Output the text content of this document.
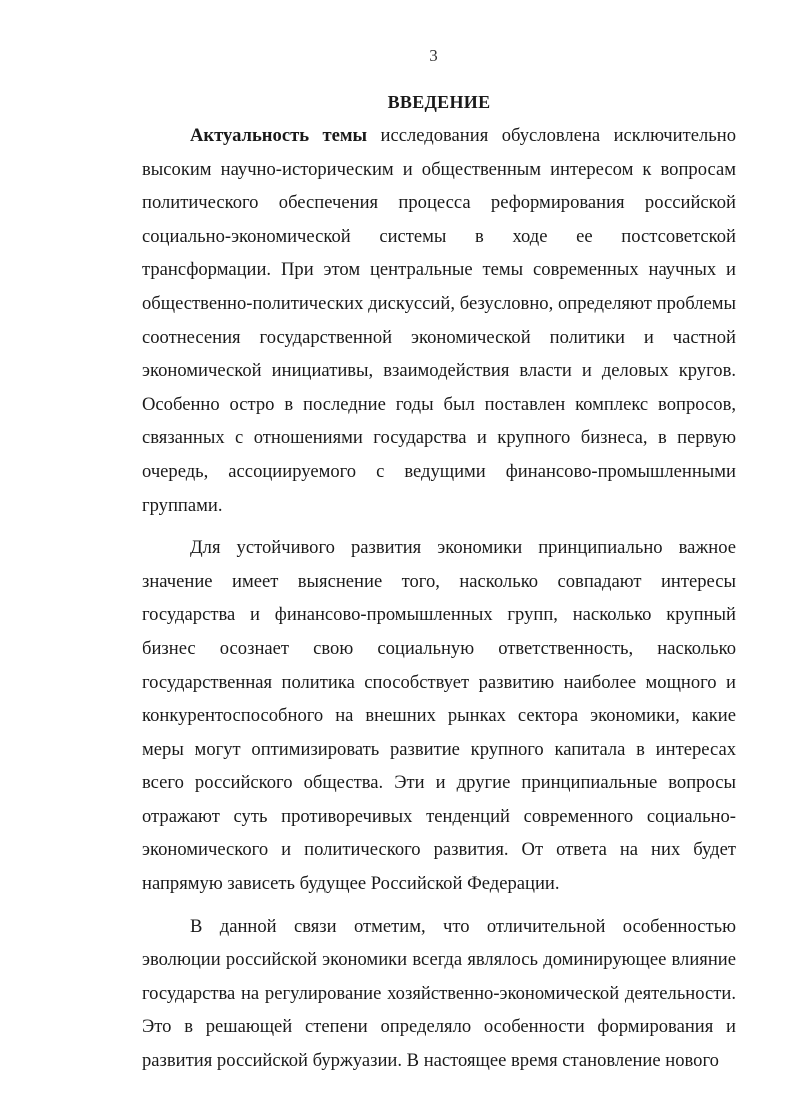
3
ВВЕДЕНИЕ

Актуальность темы исследования обусловлена исключительно высоким научно-историческим и общественным интересом к вопросам политического обеспечения процесса реформирования российской социально-экономической системы в ходе ее постсоветской трансформации. При этом центральные темы современных научных и общественно-политических дискуссий, безусловно, определяют проблемы соотнесения государственной экономической политики и частной экономической инициативы, взаимодействия власти и деловых кругов. Особенно остро в последние годы был поставлен комплекс вопросов, связанных с отношениями государства и крупного бизнеса, в первую очередь, ассоциируемого с ведущими финансово-промышленными группами.

Для устойчивого развития экономики принципиально важное значение имеет выяснение того, насколько совпадают интересы государства и финансово-промышленных групп, насколько крупный бизнес осознает свою социальную ответственность, насколько государственная политика способствует развитию наиболее мощного и конкурентоспособного на внешних рынках сектора экономики, какие меры могут оптимизировать развитие крупного капитала в интересах всего российского общества. Эти и другие принципиальные вопросы отражают суть противоречивых тенденций современного социально-экономического и политического развития. От ответа на них будет напрямую зависеть будущее Российской Федерации.

В данной связи отметим, что отличительной особенностью эволюции российской экономики всегда являлось доминирующее влияние государства на регулирование хозяйственно-экономической деятельности. Это в решающей степени определяло особенности формирования и развития российской буржуазии. В настоящее время становление нового
